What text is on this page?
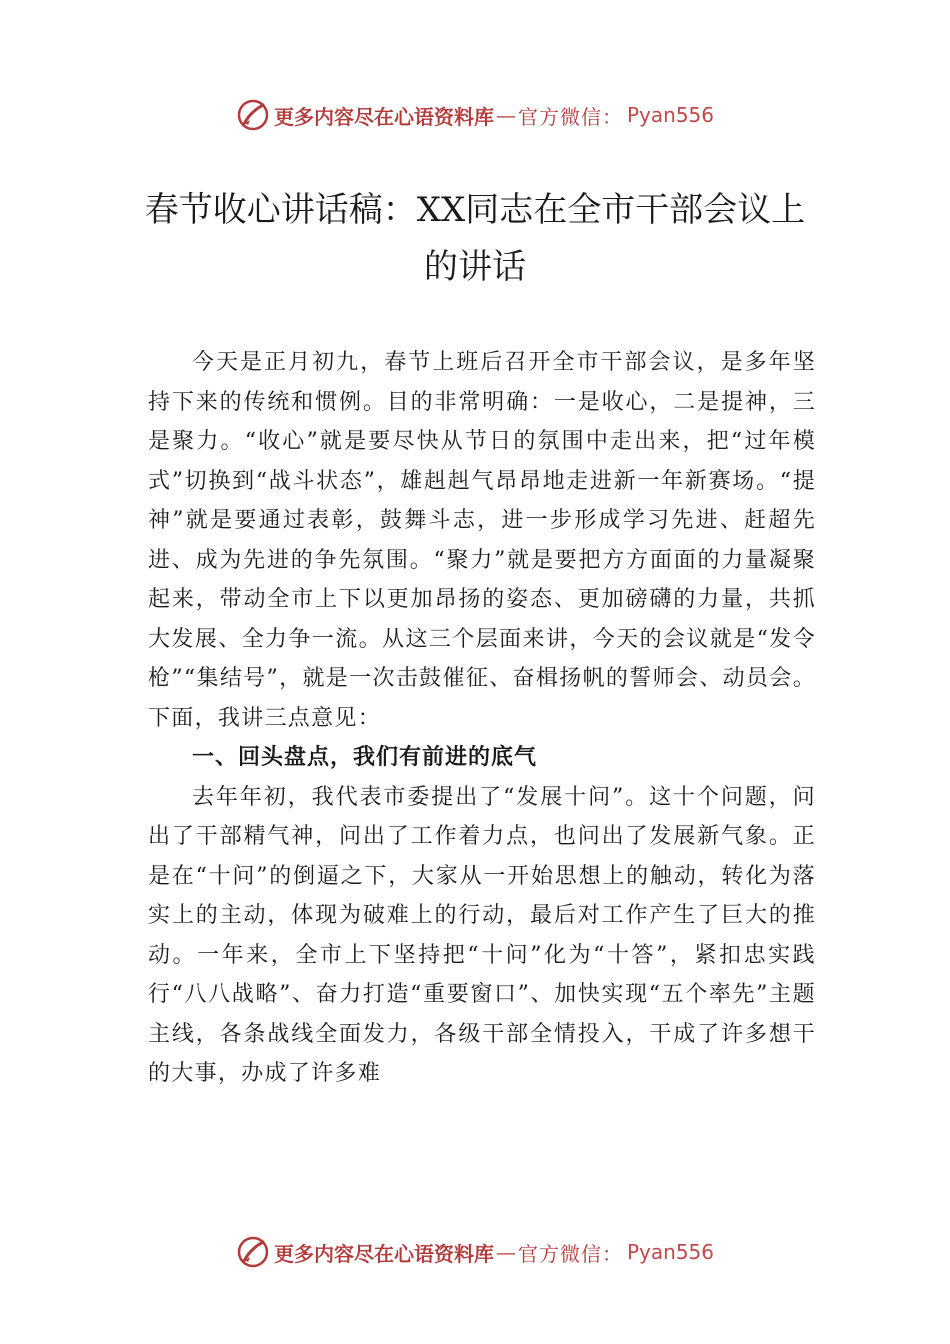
更多内容尽在心语资料库 — 官方微信： Pyan556
春节收心讲话稿：XX同志在全市干部会议上的讲话

今天是正月初九，春节上班后召开全市干部会议，是多年坚持下来的传统和惯例。目的非常明确：一是收心，二是提神，三是聚力。“收心”就是要尽快从节日的氛围中走出来，把“过年模式”切换到“战斗状态”，雄赳赳气昂昂地走进新一年新赛场。“提神”就是要通过表彰，鼓舞斗志，进一步形成学习先进、赶超先进、成为先进的争先氛围。“聚力”就是要把方方面面的力量凝聚起来，带动全市上下以更加昂扬的姿态、更加磅礴的力量，共抓大发展、全力争一流。从这三个层面来讲，今天的会议就是“发令枪”“集结号”，就是一次击鼓催征、奋楫扬帆的誓师会、动员会。下面，我讲三点意见：

一、回头盘点，我们有前进的底气

去年年初，我代表市委提出了“发展十问”。这十个问题，问出了干部精气神，问出了工作着力点，也问出了发展新气象。正是在“十问”的倒逼之下，大家从一开始思想上的触动，转化为落实上的主动，体现为破难上的行动，最后对工作产生了巨大的推动。一年来，全市上下坚持把“十问”化为“十答”，紧扣忠实践行“八八战略”、奋力打造“重要窗口”、加快实现“五个率先”主题主线，各条战线全面发力，各级干部全情投入，干成了许多想干的大事，办成了许多难

更多内容尽在心语资料库 — 官方微信： Pyan556
